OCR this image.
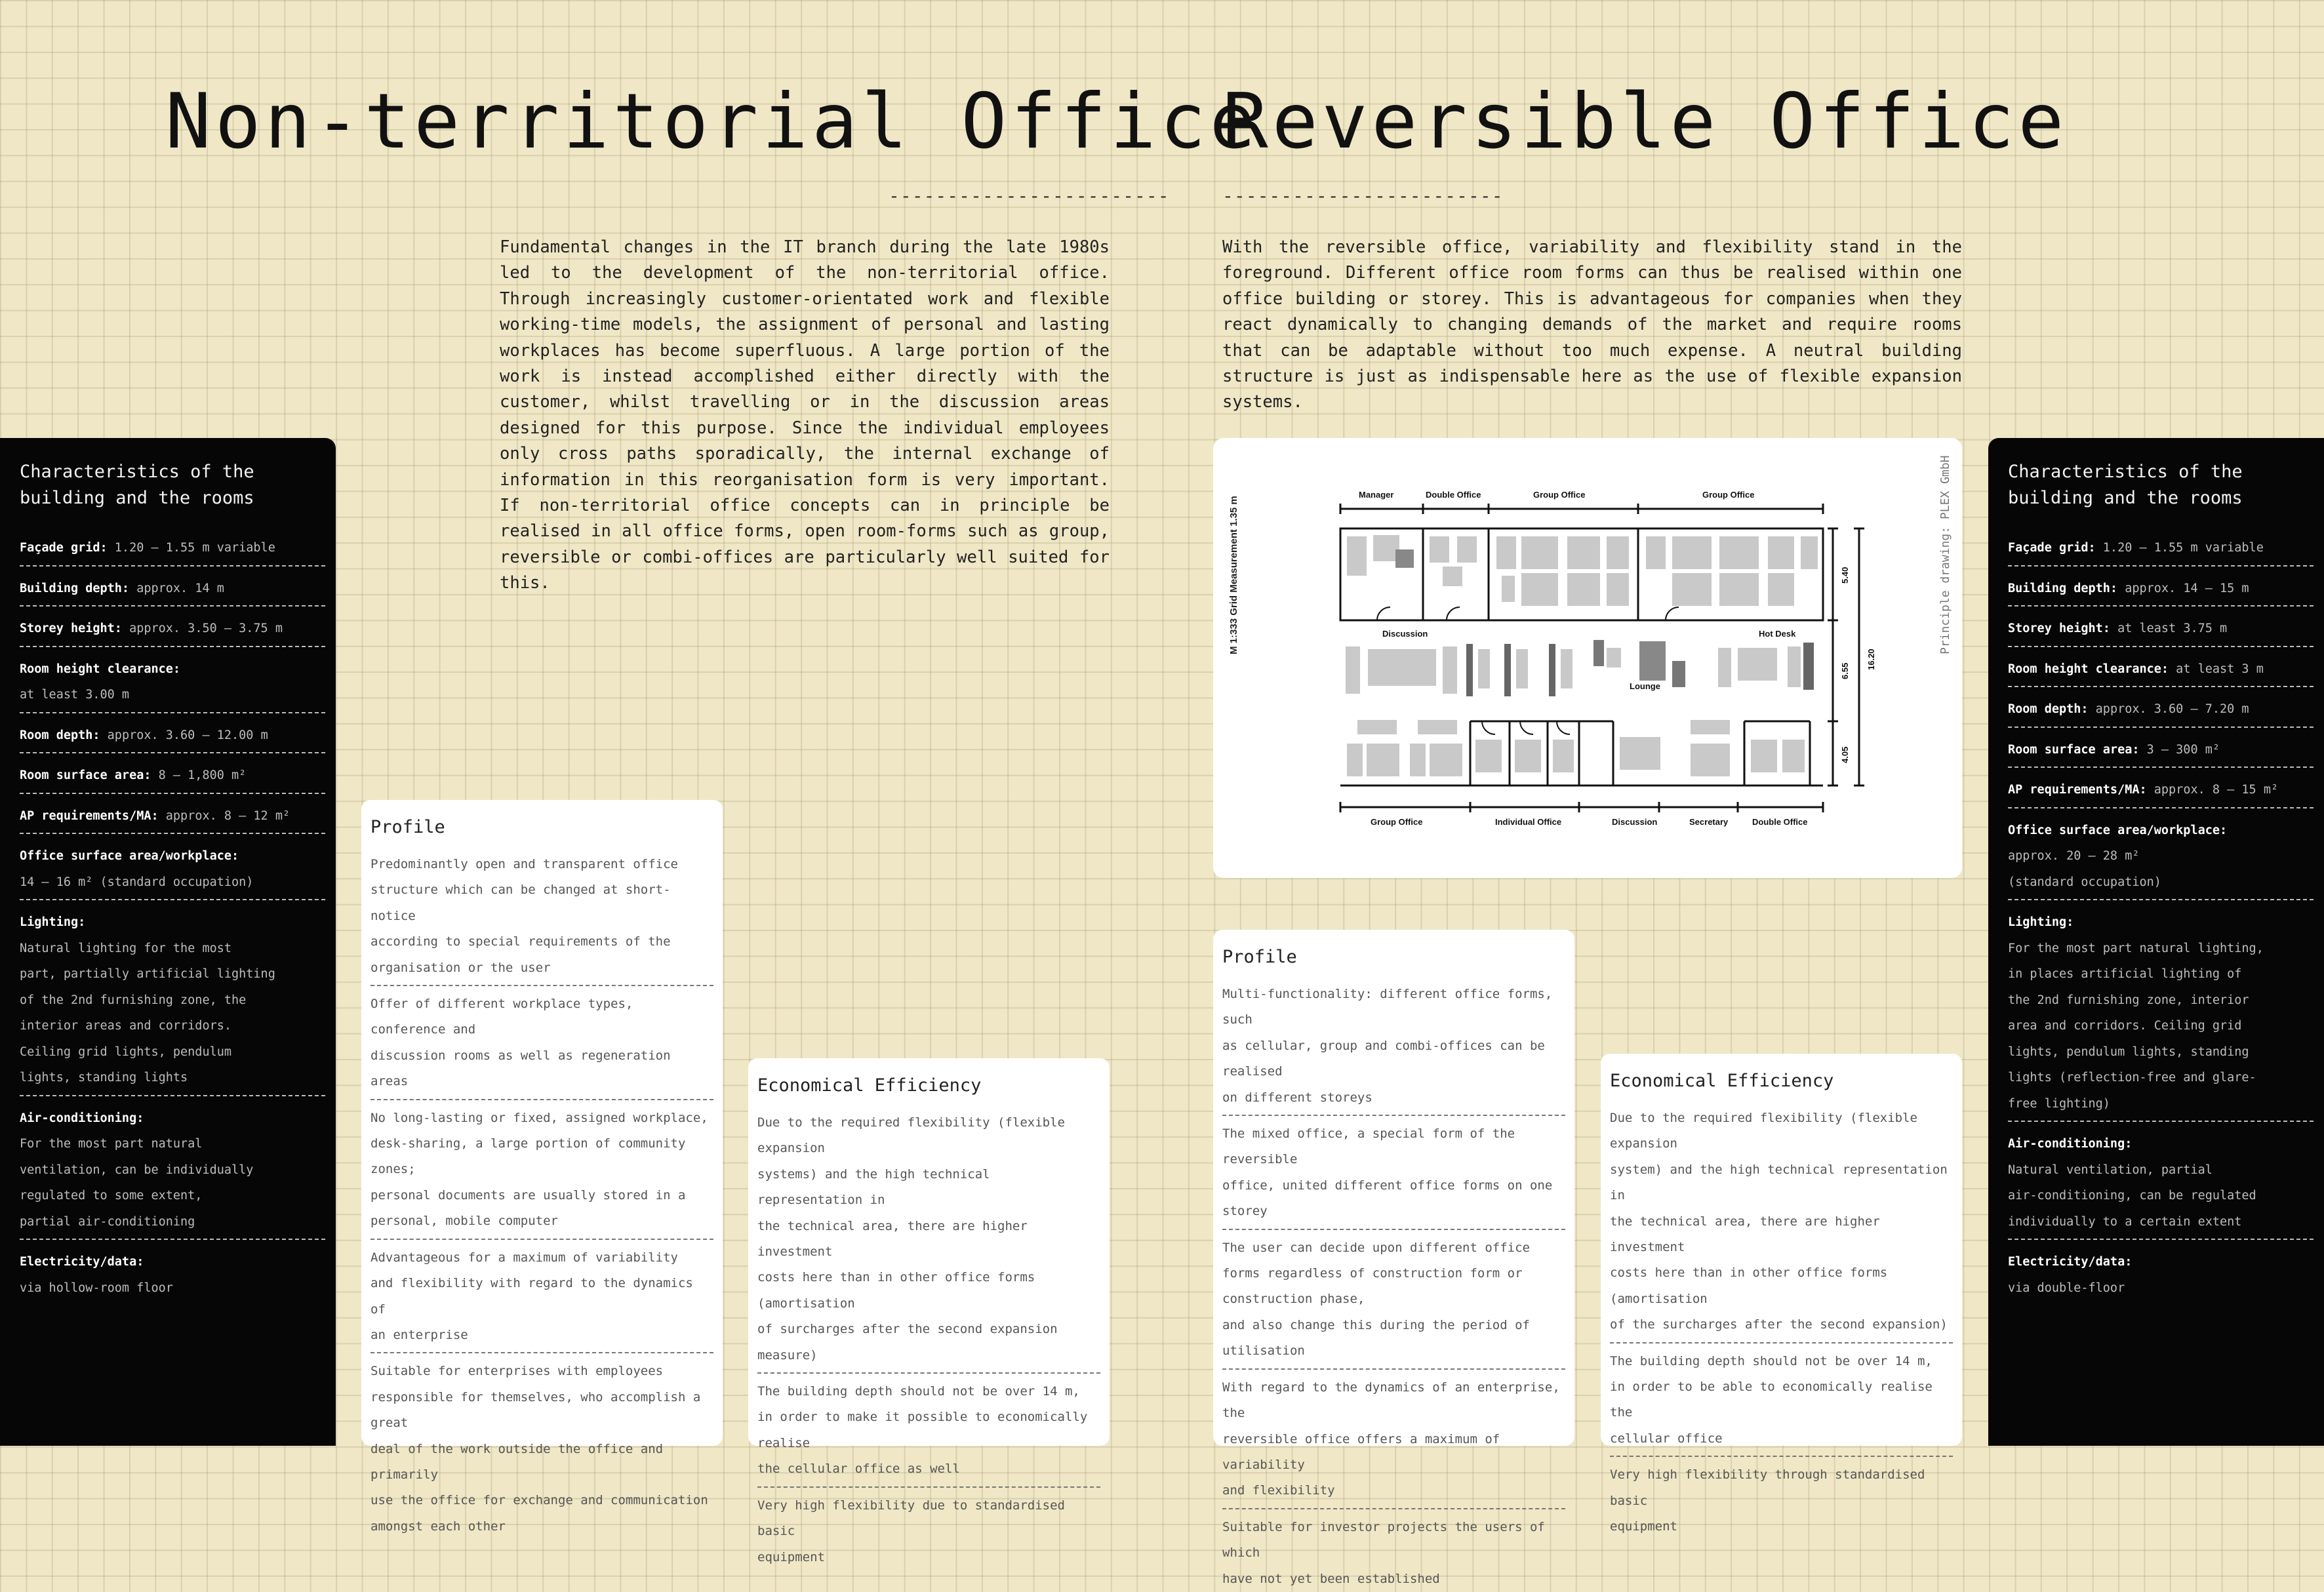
Non-territorial Office
------------------------

Fundamental changes in the IT branch during the late 1980s led to the development of the non-territorial office. Through increasingly customer-orientated work and flexible working-time models, the assignment of personal and lasting workplaces has become superfluous. A large portion of the work is instead accomplished either directly with the customer, whilst travelling or in the discussion areas designed for this purpose. Since the individual employees only cross paths sporadically, the internal exchange of information in this reorganisation form is very important. If non-territorial office concepts can in principle be realised in all office forms, open room-forms such as group, reversible or combi-offices are particularly well suited for this.

Characteristics of the building and the rooms
Façade grid: 1.20 – 1.55 m variable
Building depth: approx. 14 m
Storey height: approx. 3.50 – 3.75 m
Room height clearance:
at least 3.00 m
Room depth: approx. 3.60 – 12.00 m
Room surface area: 8 – 1,800 m²
AP requirements/MA: approx. 8 – 12 m²
Office surface area/workplace:
14 – 16 m² (standard occupation)
Lighting:
Natural lighting for the most
part, partially artificial lighting
of the 2nd furnishing zone, the
interior areas and corridors.
Ceiling grid lights, pendulum
lights, standing lights
Air-conditioning:
For the most part natural
ventilation, can be individually
regulated to some extent,
partial air-conditioning
Electricity/data:
via hollow-room floor
Profile

Predominantly open and transparent office
structure which can be changed at short-notice
according to special requirements of the
organisation or the user

Offer of different workplace types, conference and
discussion rooms as well as regeneration areas

No long-lasting or fixed, assigned workplace,
desk-sharing, a large portion of community zones;
personal documents are usually stored in a
personal, mobile computer

Advantageous for a maximum of variability
and flexibility with regard to the dynamics of
an enterprise

Suitable for enterprises with employees
responsible for themselves, who accomplish a great
deal of the work outside the office and primarily
use the office for exchange and communication
amongst each other

Economical Efficiency

Due to the required flexibility (flexible expansion
systems) and the high technical representation in
the technical area, there are higher investment
costs here than in other office forms (amortisation
of surcharges after the second expansion measure)

The building depth should not be over 14 m,
in order to make it possible to economically realise
the cellular office as well

Very high flexibility due to standardised basic
equipment

Reversible Office
------------------------

With the reversible office, variability and flexibility stand in the foreground. Different office room forms can thus be realised within one office building or storey. This is advantageous for companies when they react dynamically to changing demands of the market and require rooms that can be adaptable without too much expense. A neutral building structure is just as indispensable here as the use of flexible expansion systems.

M 1:333 Grid Measurement 1.35 m	Principle drawing: PLEX GmbH
Manager	Double Office	Group Office	Group Office
Discussion
Lounge
Hot Desk
Group Office	Individual Office	Discussion	Secretary	Double Office
5.40
6.55
16.20
4.05
Profile

Multi-functionality: different office forms, such
as cellular, group and combi-offices can be realised
on different storeys

The mixed office, a special form of the reversible
office, united different office forms on one storey

The user can decide upon different office forms regardless of construction form or construction phase,
and also change this during the period of utilisation

With regard to the dynamics of an enterprise, the
reversible office offers a maximum of variability
and flexibility

Suitable for investor projects the users of which
have not yet been established

Economical Efficiency

Due to the required flexibility (flexible expansion
system) and the high technical representation in
the technical area, there are higher investment
costs here than in other office forms (amortisation
of the surcharges after the second expansion)

The building depth should not be over 14 m,
in order to be able to economically realise the
cellular office

Very high flexibility through standardised basic
equipment

Characteristics of the building and the rooms
Façade grid: 1.20 – 1.55 m variable
Building depth: approx. 14 – 15 m
Storey height: at least 3.75 m
Room height clearance: at least 3 m
Room depth: approx. 3.60 – 7.20 m
Room surface area: 3 – 300 m²
AP requirements/MA: approx. 8 – 15 m²
Office surface area/workplace:
approx. 20 – 28 m²
(standard occupation)
Lighting:
For the most part natural lighting,
in places artificial lighting of
the 2nd furnishing zone, interior
area and corridors. Ceiling grid
lights, pendulum lights, standing
lights (reflection-free and glare-
free lighting)
Air-conditioning:
Natural ventilation, partial
air-conditioning, can be regulated
individually to a certain extent
Electricity/data:
via double-floor
